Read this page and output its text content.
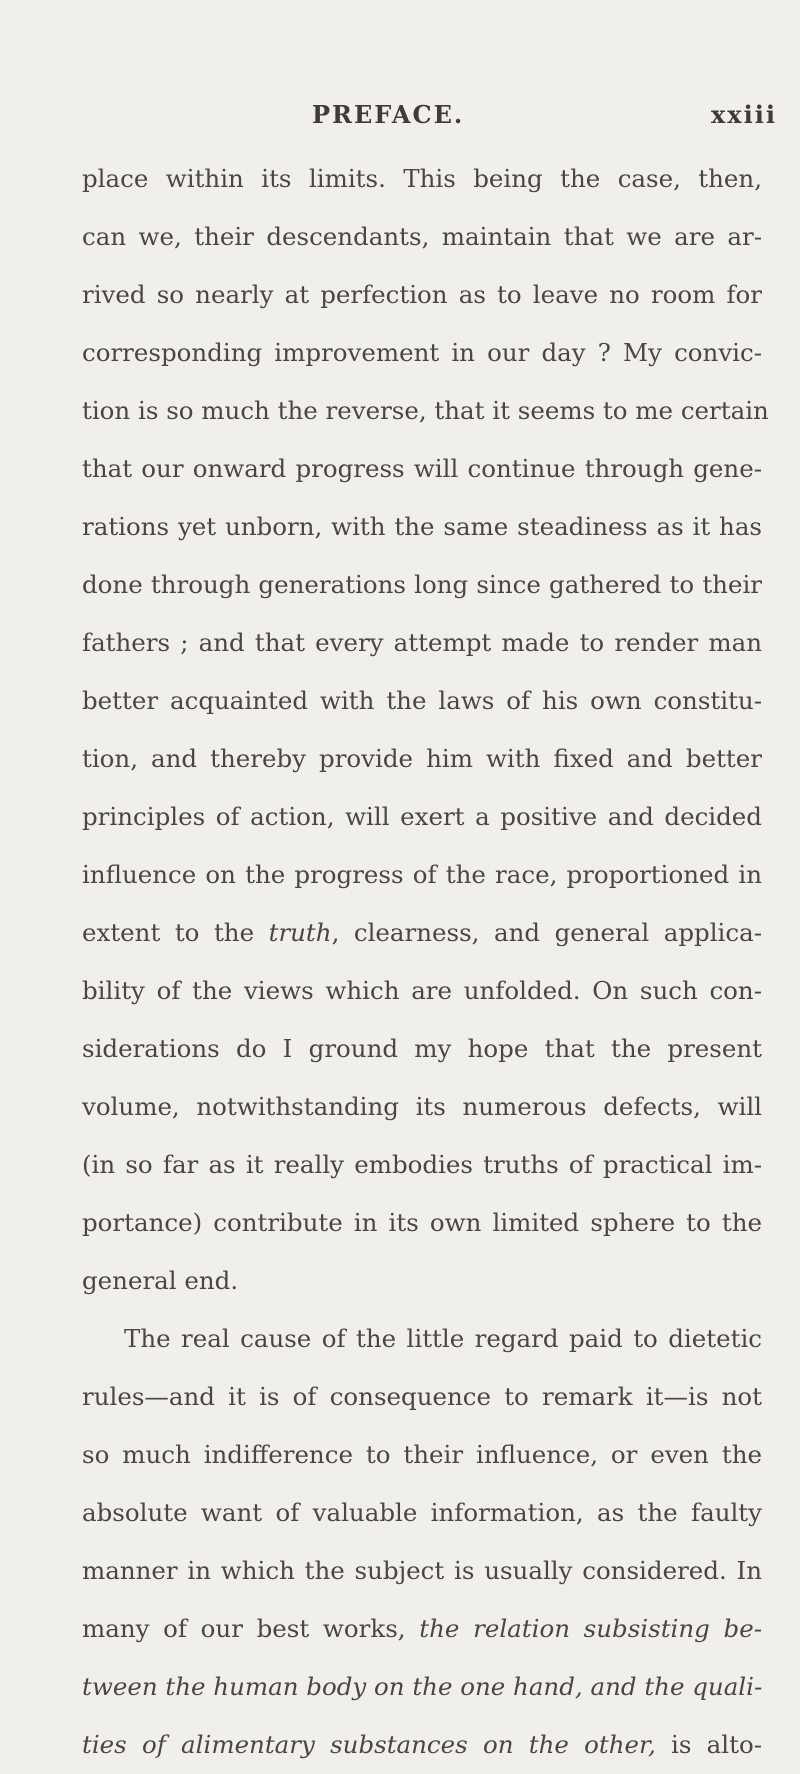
PREFACE.	xxiii
place within its limits. This being the case, then,
can we, their descendants, maintain that we are ar-
rived so nearly at perfection as to leave no room for
corresponding improvement in our day ? My convic-
tion is so much the reverse, that it seems to me certain
that our onward progress will continue through gene-
rations yet unborn, with the same steadiness as it has
done through generations long since gathered to their
fathers ; and that every attempt made to render man
better acquainted with the laws of his own constitu-
tion, and thereby provide him with fixed and better
principles of action, will exert a positive and decided
influence on the progress of the race, proportioned in
extent to the truth, clearness, and general applica-
bility of the views which are unfolded. On such con-
siderations do I ground my hope that the present
volume, notwithstanding its numerous defects, will
(in so far as it really embodies truths of practical im-
portance) contribute in its own limited sphere to the
general end.
The real cause of the little regard paid to dietetic
rules—and it is of consequence to remark it—is not
so much indifference to their influence, or even the
absolute want of valuable information, as the faulty
manner in which the subject is usually considered. In
many of our best works, the relation subsisting be-
tween the human body on the one hand, and the quali-
ties of alimentary substances on the other, is alto-
